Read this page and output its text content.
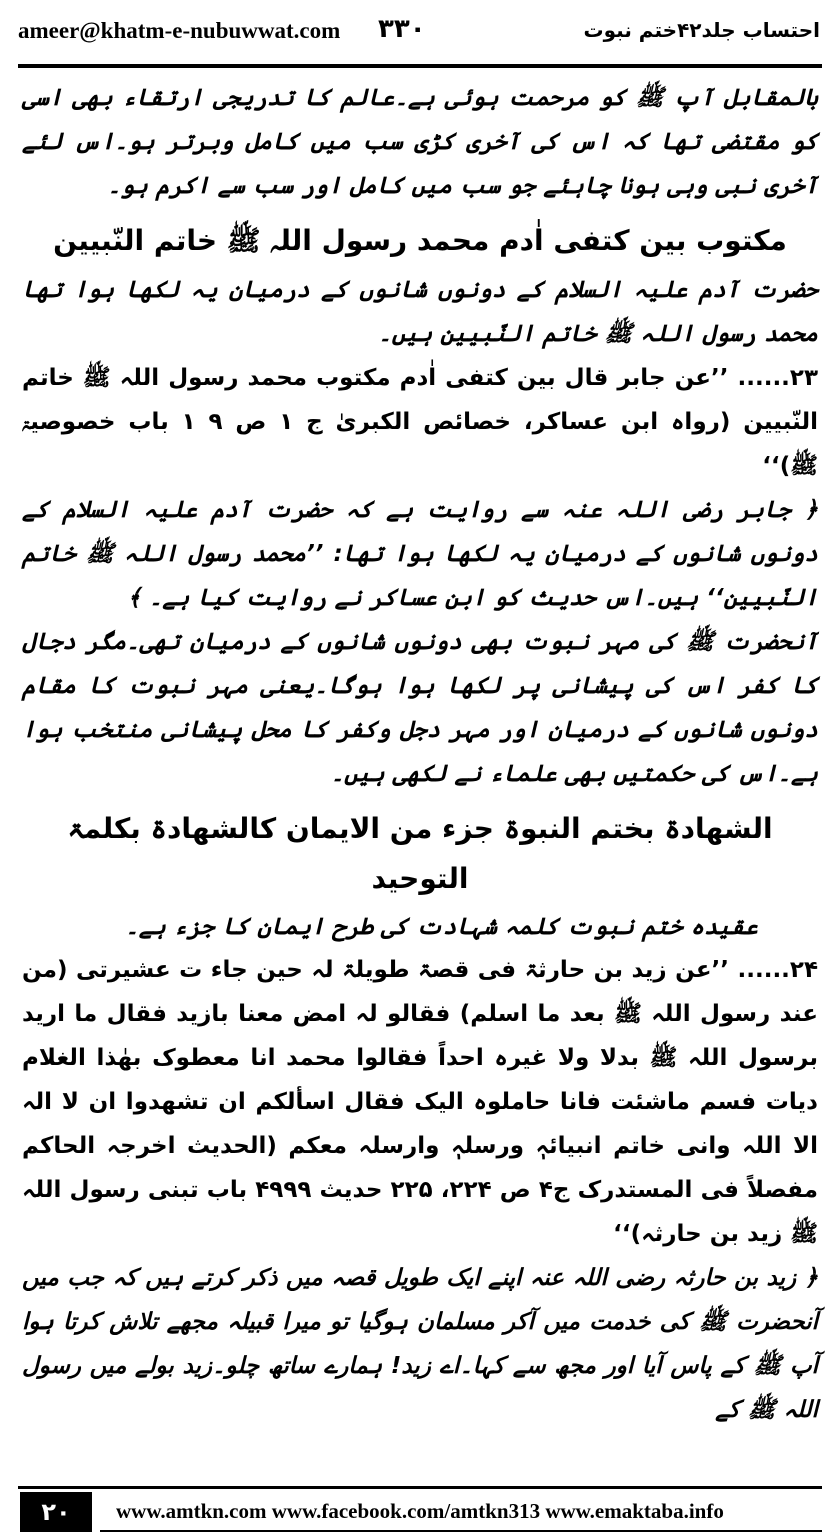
ameer@khatm-e-nubuwwat.com ۳۳۰	احتساب جلد۴۲ختم نبوت

بالمقابل آپ ﷺ کو مرحمت ہوئی ہے۔عالم کا تدریجی ارتقاء بھی اسی کو مقتضی تھا کہ اس کی آخری کڑی سب میں کامل وبرتر ہو۔اس لئے آخری نبی وہی ہونا چاہئے جو سب میں کامل اور سب سے اکرم ہو۔

مکتوب بین کتفی اٰدم محمد رسول اللہ ﷺ خاتم النّبیین

حضرت آدم علیہ السلام کے دونوں شانوں کے درمیان یہ لکھا ہوا تھا محمد رسول اللہ ﷺ خاتم النّبیین ہیں۔

۲۳...... ’’عن جابر قال بین کتفی اٰدم مکتوب محمد رسول اللہ ﷺ خاتم النّبیین (رواہ ابن عساکر، خصائص الکبریٰ ج ۱ ص ۹ ۱ باب خصوصیۃ ﷺ)‘‘

﴿ جابر رضی اللہ عنہ سے روایت ہے کہ حضرت آدم علیہ السلام کے دونوں شانوں کے درمیان یہ لکھا ہوا تھا: ’’محمد رسول اللہ ﷺ خاتم النّبیین‘‘ ہیں۔اس حدیث کو ابن عساکر نے روایت کیا ہے۔ ﴾

آنحضرت ﷺ کی مہر نبوت بھی دونوں شانوں کے درمیان تھی۔مگر دجال کا کفر اس کی پیشانی پر لکھا ہوا ہوگا۔یعنی مہر نبوت کا مقام دونوں شانوں کے درمیان اور مہر دجل وکفر کا محل پیشانی منتخب ہوا ہے۔اس کی حکمتیں بھی علماء نے لکھی ہیں۔

الشھادۃ بختم النبوۃ جزء من الایمان کالشھادۃ بکلمۃ التوحید
عقیدہ ختم نبوت کلمہ شہادت کی طرح ایمان کا جزء ہے۔

۲۴...... ’’عن زید بن حارثۃ فی قصۃ طویلۃ لہ حین جاء ت عشیرتی (من عند رسول اللہ ﷺ بعد ما اسلم) فقالو لہ امض معنا بازید فقال ما ارید برسول اللہ ﷺ بدلا ولا غیرہ احداً فقالوا محمد انا معطوک بھٰذا الغلام دیات فسم ماشئت فانا حاملوہ الیک فقال اسألکم ان تشھدوا ان لا الہ الا اللہ وانی خاتم انبیائہٖ ورسلہٖ وارسلہ معکم (الحدیث اخرجہ الحاکم مفصلاً فی المستدرک ج۴ ص ۲۲۴، ۲۲۵ حدیث ۴۹۹۹ باب تبنی رسول اللہ ﷺ زید بن حارثہ)‘‘

﴿ زید بن حارثہ رضی اللہ عنہ اپنے ایک طویل قصہ میں ذکر کرتے ہیں کہ جب میں آنحضرت ﷺ کی خدمت میں آکر مسلمان ہوگیا تو میرا قبیلہ مجھے تلاش کرتا ہوا آپ ﷺ کے پاس آیا اور مجھ سے کہا۔اے زید! ہمارے ساتھ چلو۔زید بولے میں رسول اللہ ﷺ کے

۲۰	www.amtkn.com www.facebook.com/amtkn313 www.emaktaba.info
